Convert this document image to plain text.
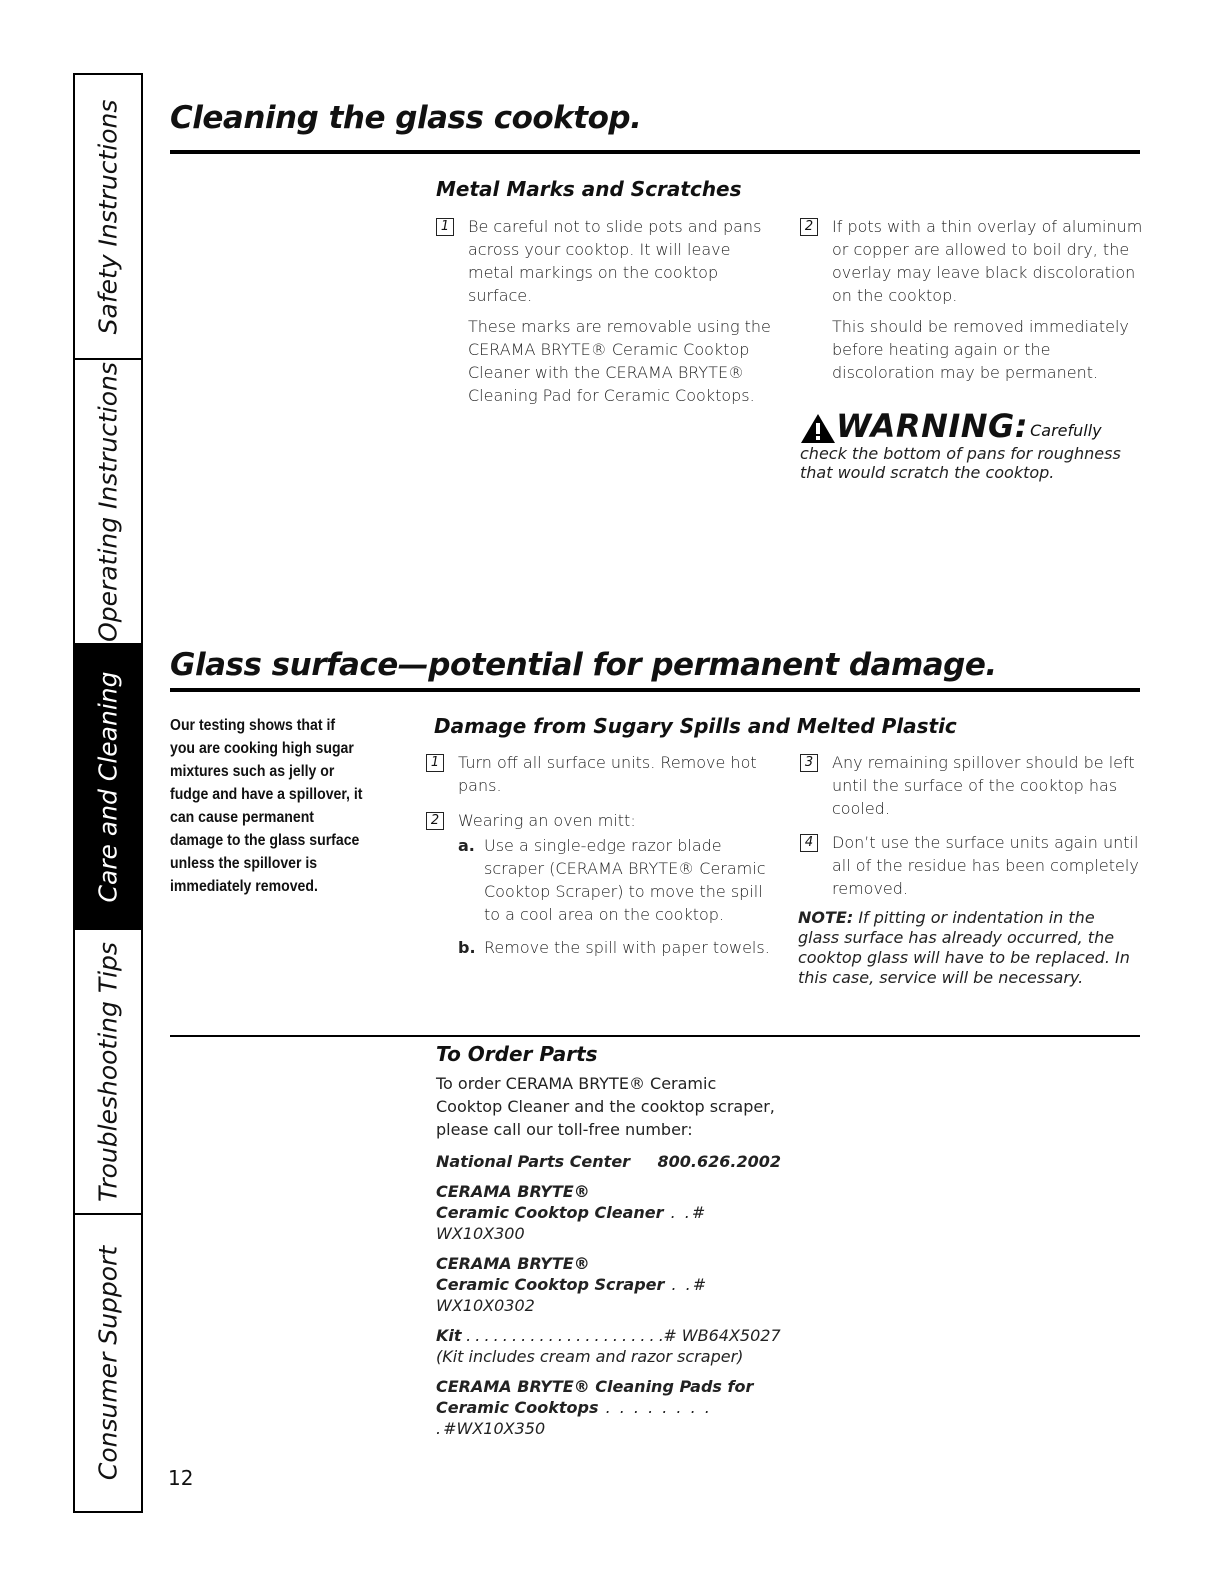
Safety Instructions
Operating Instructions
Care and Cleaning
Troubleshooting Tips
Consumer Support
Cleaning the glass cooktop.
Metal Marks and Scratches
1	Be careful not to slide pots and pans across your cooktop. It will leave metal markings on the cooktop surface.

These marks are removable using the CERAMA BRYTE® Ceramic Cooktop Cleaner with the CERAMA BRYTE® Cleaning Pad for Ceramic Cooktops.

2	If pots with a thin overlay of aluminum or copper are allowed to boil dry, the overlay may leave black discoloration on the cooktop.

This should be removed immediately before heating again or the discoloration may be permanent.

WARNING: Carefully
check the bottom of pans for roughness that would scratch the cooktop.
Glass surface—potential for permanent damage.
Our testing shows that if you are cooking high sugar mixtures such as jelly or fudge and have a spillover, it can cause permanent damage to the glass surface unless the spillover is immediately removed.
Damage from Sugary Spills and Melted Plastic
1	Turn off all surface units. Remove hot pans.

2	Wearing an oven mitt:
a. Use a single-edge razor blade scraper (CERAMA BRYTE® Ceramic Cooktop Scraper) to move the spill to a cool area on the cooktop.
b. Remove the spill with paper towels.
3	Any remaining spillover should be left until the surface of the cooktop has cooled.

4	Don’t use the surface units again until all of the residue has been completely removed.

NOTE: If pitting or indentation in the glass surface has already occurred, the cooktop glass will have to be replaced. In this case, service will be necessary.
To Order Parts
To order CERAMA BRYTE® Ceramic Cooktop Cleaner and the cooktop scraper, please call our toll-free number:
National Parts Center 800.626.2002
CERAMA BRYTE®
Ceramic Cooktop Cleaner . .# WX10X300
CERAMA BRYTE®
Ceramic Cooktop Scraper . .# WX10X0302
Kit . . . . . . . . . . . . . . . . . . . . . .# WB64X5027
(Kit includes cream and razor scraper)
CERAMA BRYTE® Cleaning Pads for
Ceramic Cooktops . . . . . . . . .#WX10X350
12
